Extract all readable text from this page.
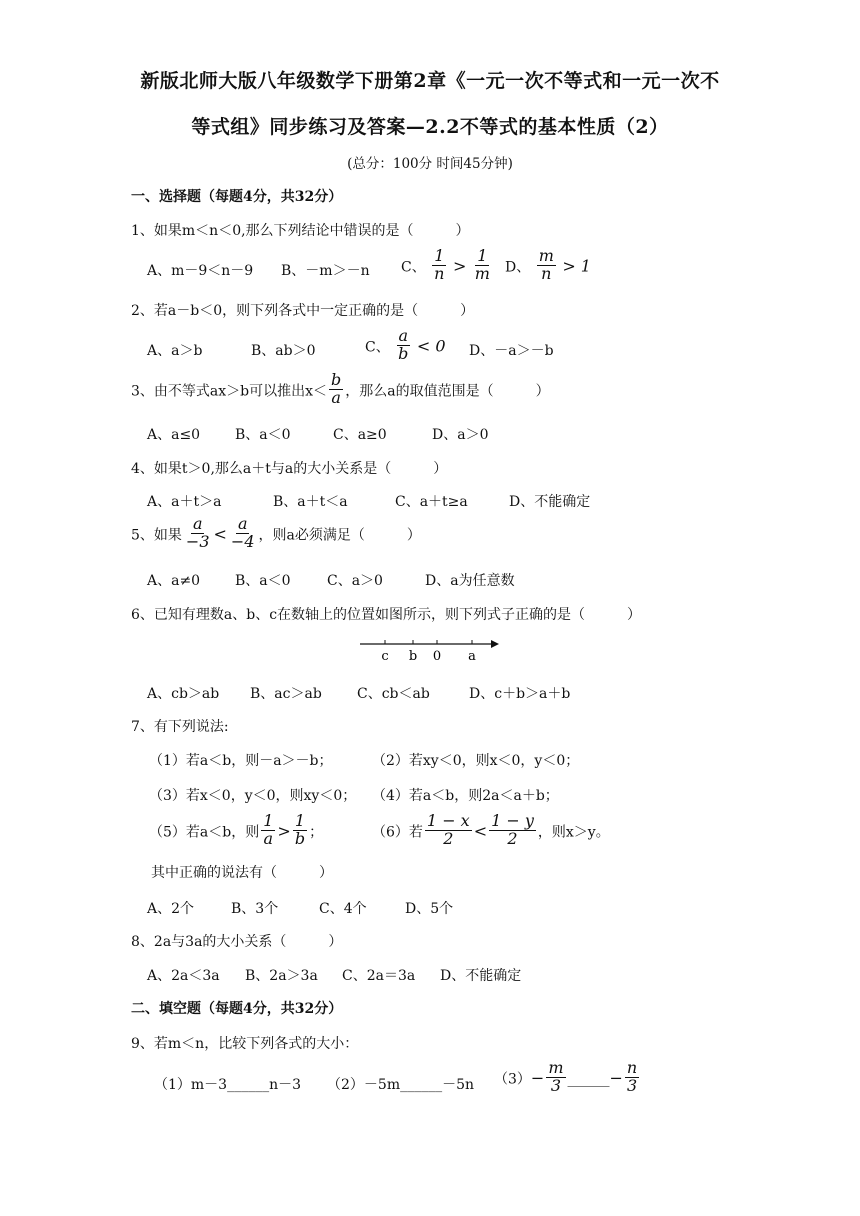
新版北师大版八年级数学下册第2章《一元一次不等式和一元一次不
等式组》同步练习及答案—2.2不等式的基本性质（2）
(总分：100分 时间45分钟)
一、选择题（每题4分，共32分）
1、如果m＜n＜0,那么下列结论中错误的是（　　　）
A、m－9＜n－9 B、－m＞－n C、 $\frac{1}{n} > \frac{1}{m}$ D、 $\frac{m}{n} > 1$
2、若a－b＜0，则下列各式中一定正确的是（　　　）
A、a＞b	B、ab＞0	C、 $\frac{a}{b} < 0$ D、－a＞－b
3、由不等式ax＞b可以推出$x< \frac{b}{a}$ ，那么a的取值范围是（　　　）
A、a≤0 B、a＜0	C、a≥0	D、a＞0
4、如果t＞0,那么a＋t与a的大小关系是（　　　）
A、a＋t＞a	B、a＋t＜a	C、a＋t≥a	D、不能确定
5、如果 $\frac{a}{-3} < \frac{a}{-4}$ ，则a必须满足（　　　）
A、a≠0 B、a＜0	C、a＞0	D、a为任意数
6、已知有理数a、b、c在数轴上的位置如图所示，则下列式子正确的是（　　　）
c b 0 a
A、cb＞ab B、ac＞ab	C、cb＜ab	D、c＋b＞a＋b
7、有下列说法:
（1）若a＜b，则－a＞－b；	（2）若xy＜0，则x＜0，y＜0；
（3）若x＜0，y＜0，则xy＜0； （4）若a＜b，则2a＜a＋b；
（5）若a＜b，则 $\frac{1}{a} > \frac{1}{b}$ ；	（6）若 $\frac{1 - x}{2} < \frac{1 - y}{2}$ ，则x＞y。
其中正确的说法有（　　　）
A、2个	B、3个	C、4个	D、5个
8、2a与3a的大小关系（　　　）
A、2a＜3a B、2a＞3a C、2a＝3a D、不能确定
二、填空题（每题4分，共32分）
9、若m＜n，比较下列各式的大小：
（1）m－3______n－3 （2）－5m______－5n $(3)- \frac{m}{3}$ ______− $\frac{n}{3}$
